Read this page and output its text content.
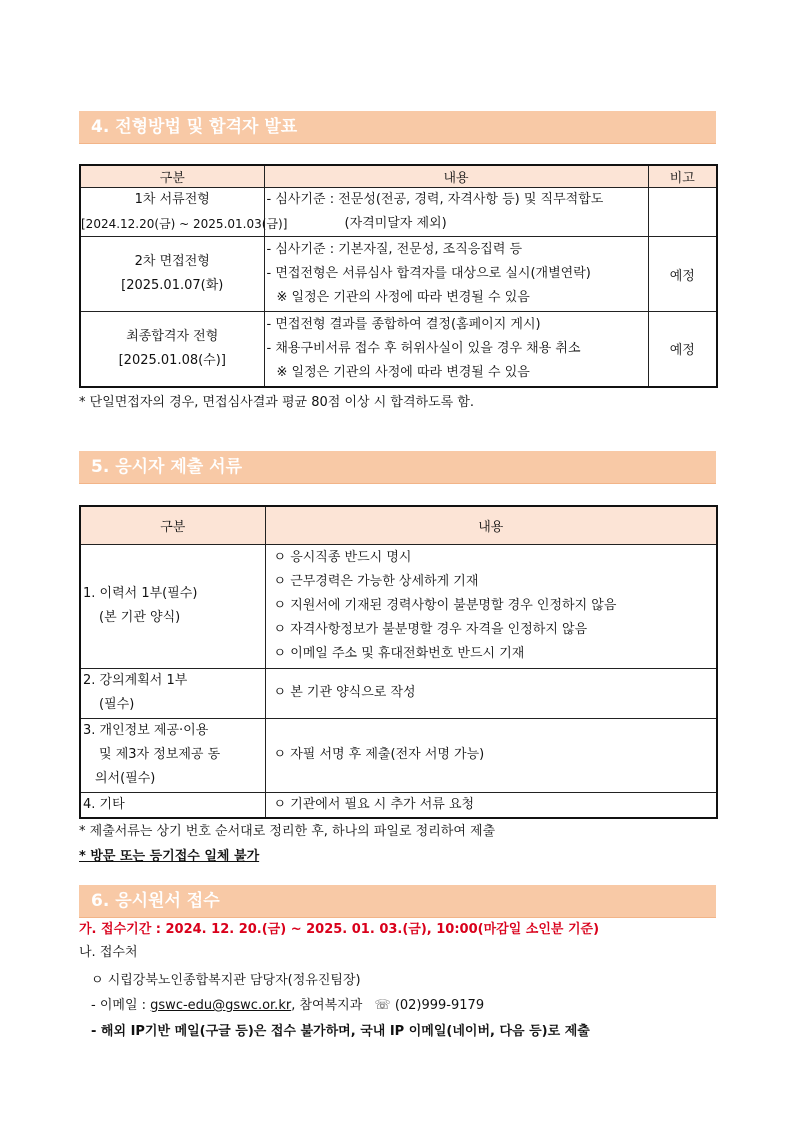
4. 전형방법 및 합격자 발표
구분	내용	비고

1차 서류전형
[2024.12.20(금) ~ 2025.01.03(금)]	- 심사기준 : 전문성(전공, 경력, 자격사항 등) 및 직무적합도
(자격미달자 제외)	

2차 면접전형
[2025.01.07(화)	- 심사기준 : 기본자질, 전문성, 조직응집력 등
- 면접전형은 서류심사 합격자를 대상으로 실시(개별연락)
※ 일정은 기관의 사정에 따라 변경될 수 있음	예정

최종합격자 전형
[2025.01.08(수)]	- 면접전형 결과를 종합하여 결정(홈페이지 게시)
- 채용구비서류 접수 후 허위사실이 있을 경우 채용 취소
※ 일정은 기관의 사정에 따라 변경될 수 있음	예정
* 단일면접자의 경우, 면접심사결과 평균 80점 이상 시 합격하도록 함.
5. 응시자 제출 서류
구분	내용

1. 이력서 1부(필수)
(본 기관 양식)	ㅇ 응시직종 반드시 명시
ㅇ 근무경력은 가능한 상세하게 기재
ㅇ 지원서에 기재된 경력사항이 불분명할 경우 인정하지 않음
ㅇ 자격사항정보가 불분명할 경우 자격을 인정하지 않음
ㅇ 이메일 주소 및 휴대전화번호 반드시 기재

2. 강의계획서 1부
(필수)	ㅇ 본 기관 양식으로 작성

3. 개인정보 제공·이용
및 제3자 정보제공 동
의서(필수)	ㅇ 자필 서명 후 제출(전자 서명 가능)

4. 기타	ㅇ 기관에서 필요 시 추가 서류 요청
* 제출서류는 상기 번호 순서대로 정리한 후, 하나의 파일로 정리하여 제출
* 방문 또는 등기접수 일체 불가
6. 응시원서 접수
가. 접수기간 : 2024. 12. 20.(금) ~ 2025. 01. 03.(금), 10:00(마감일 소인분 기준)
나. 접수처
ㅇ 시립강북노인종합복지관 담당자(정유진팀장)
- 이메일 : gswc-edu@gswc.or.kr, 참여복지과 ☏ (02)999-9179
- 해외 IP기반 메일(구글 등)은 접수 불가하며, 국내 IP 이메일(네이버, 다음 등)로 제출
